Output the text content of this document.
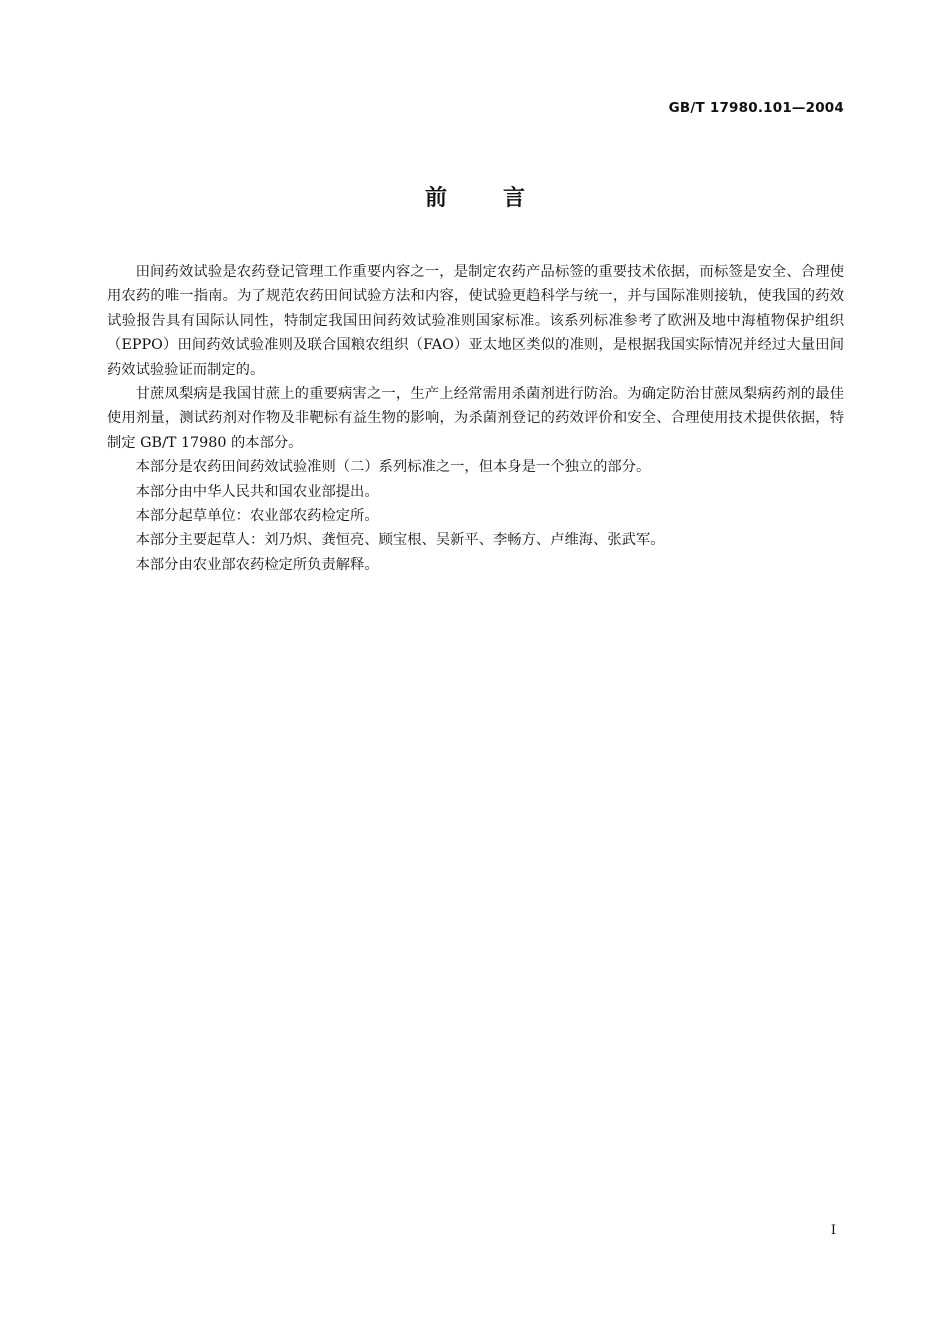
GB/T 17980.101—2004
前言

田间药效试验是农药登记管理工作重要内容之一，是制定农药产品标签的重要技术依据，而标签是安全、合理使用农药的唯一指南。为了规范农药田间试验方法和内容，使试验更趋科学与统一，并与国际准则接轨，使我国的药效试验报告具有国际认同性，特制定我国田间药效试验准则国家标准。该系列标准参考了欧洲及地中海植物保护组织（EPPO）田间药效试验准则及联合国粮农组织（FAO）亚太地区类似的准则，是根据我国实际情况并经过大量田间药效试验验证而制定的。

甘蔗凤梨病是我国甘蔗上的重要病害之一，生产上经常需用杀菌剂进行防治。为确定防治甘蔗凤梨病药剂的最佳使用剂量，测试药剂对作物及非靶标有益生物的影响，为杀菌剂登记的药效评价和安全、合理使用技术提供依据，特制定 GB/T 17980 的本部分。

本部分是农药田间药效试验准则（二）系列标准之一，但本身是一个独立的部分。

本部分由中华人民共和国农业部提出。

本部分起草单位：农业部农药检定所。

本部分主要起草人：刘乃炽、龚恒亮、顾宝根、吴新平、李畅方、卢维海、张武军。

本部分由农业部农药检定所负责解释。

I
